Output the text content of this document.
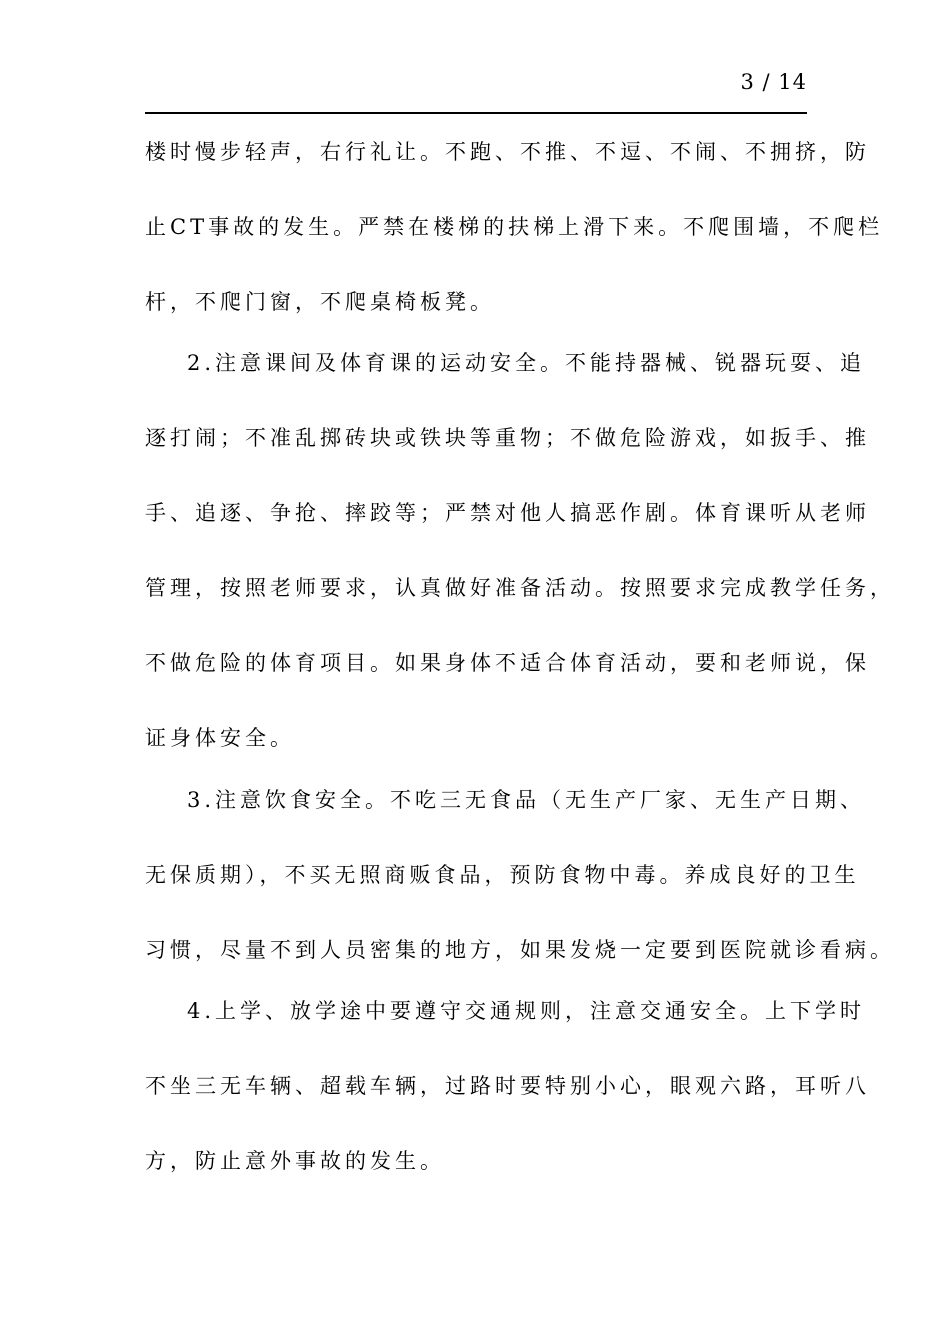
3 / 14
楼时慢步轻声，右行礼让。不跑、不推、不逗、不闹、不拥挤，防
止CT事故的发生。严禁在楼梯的扶梯上滑下来。不爬围墙，不爬栏
杆，不爬门窗，不爬桌椅板凳。
2.注意课间及体育课的运动安全。不能持器械、锐器玩耍、追
逐打闹；不准乱掷砖块或铁块等重物；不做危险游戏，如扳手、推
手、追逐、争抢、摔跤等；严禁对他人搞恶作剧。体育课听从老师
管理，按照老师要求，认真做好准备活动。按照要求完成教学任务，
不做危险的体育项目。如果身体不适合体育活动，要和老师说，保
证身体安全。
3.注意饮食安全。不吃三无食品（无生产厂家、无生产日期、
无保质期），不买无照商贩食品，预防食物中毒。养成良好的卫生
习惯，尽量不到人员密集的地方，如果发烧一定要到医院就诊看病。
4.上学、放学途中要遵守交通规则，注意交通安全。上下学时
不坐三无车辆、超载车辆，过路时要特别小心，眼观六路，耳听八
方，防止意外事故的发生。
